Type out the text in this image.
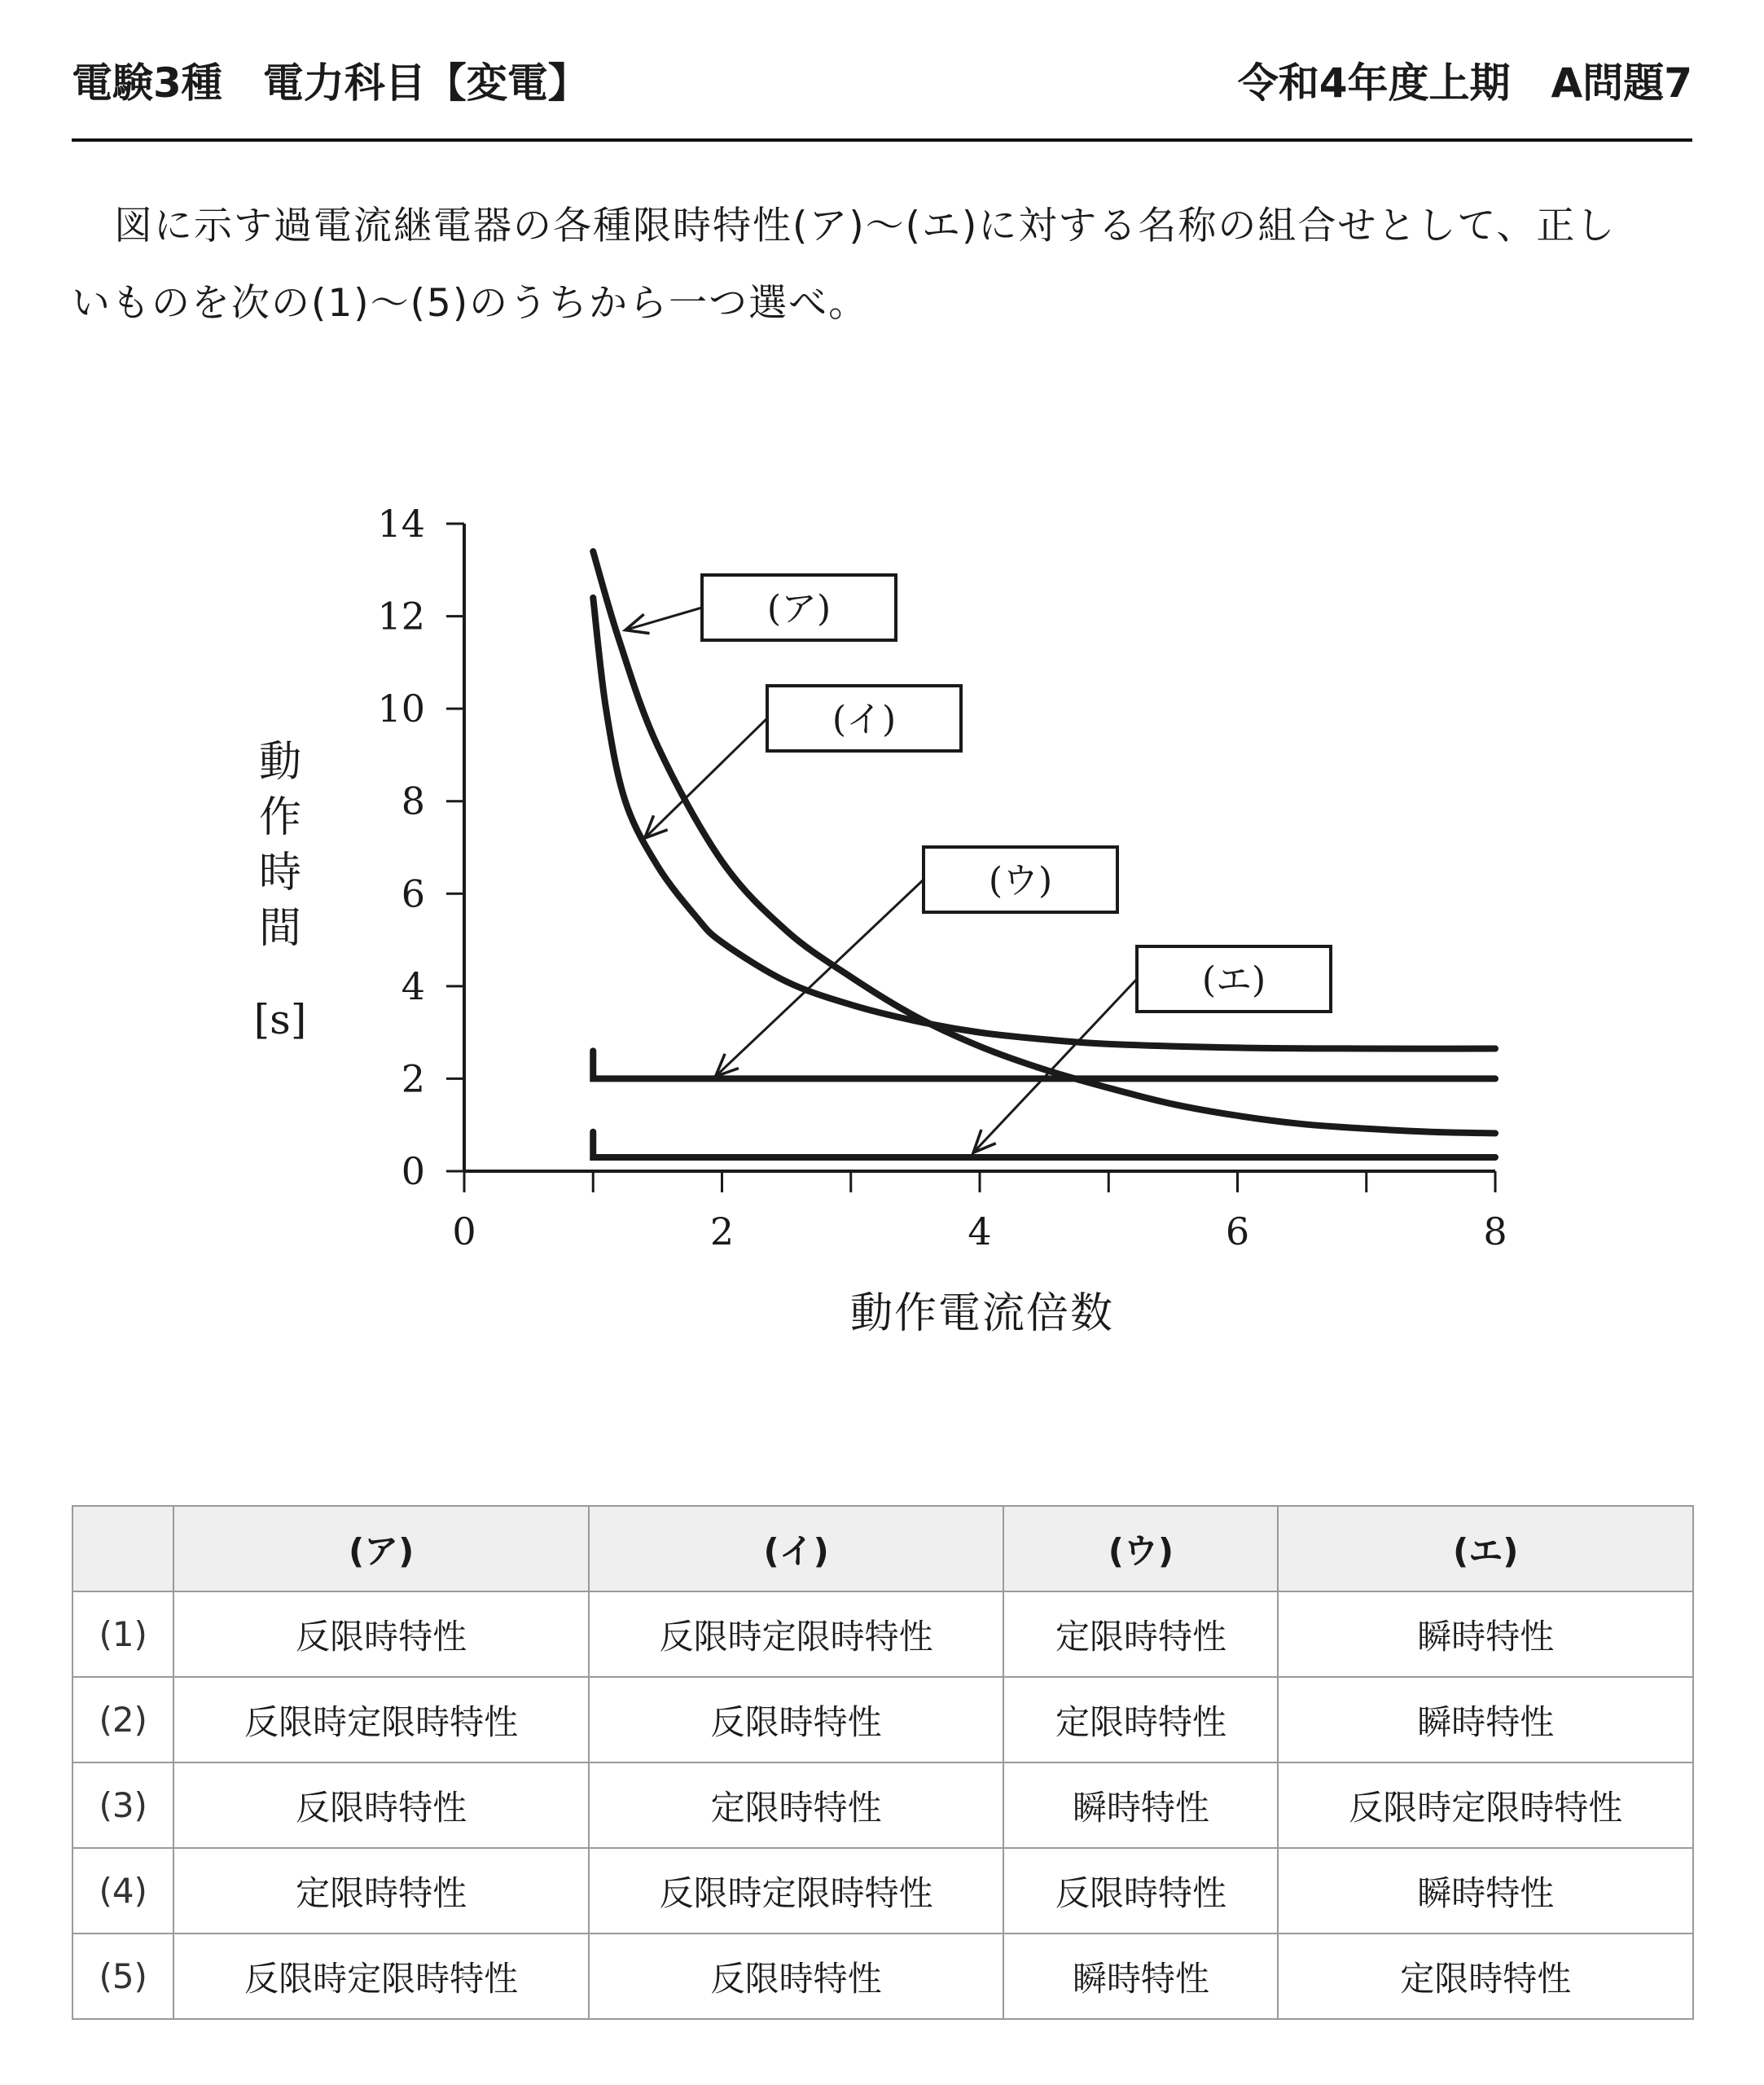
電験3種　電力科目【変電】	令和4年度上期　A問題7
図に示す過電流継電器の各種限時特性(ア)～(エ)に対する名称の組合せとして、正し
いものを次の(1)～(5)のうちから一つ選べ。
0
2
4
6
8
10
12
14
0	2	4	6	8
(ア)
(イ)
(ウ)
(エ)
動作電流倍数
動作時間
[s]
	(ア)	(イ)	(ウ)	(エ)
(1)	反限時特性	反限時定限時特性	定限時特性	瞬時特性
(2)	反限時定限時特性	反限時特性	定限時特性	瞬時特性
(3)	反限時特性	定限時特性	瞬時特性	反限時定限時特性
(4)	定限時特性	反限時定限時特性	反限時特性	瞬時特性
(5)	反限時定限時特性	反限時特性	瞬時特性	定限時特性
